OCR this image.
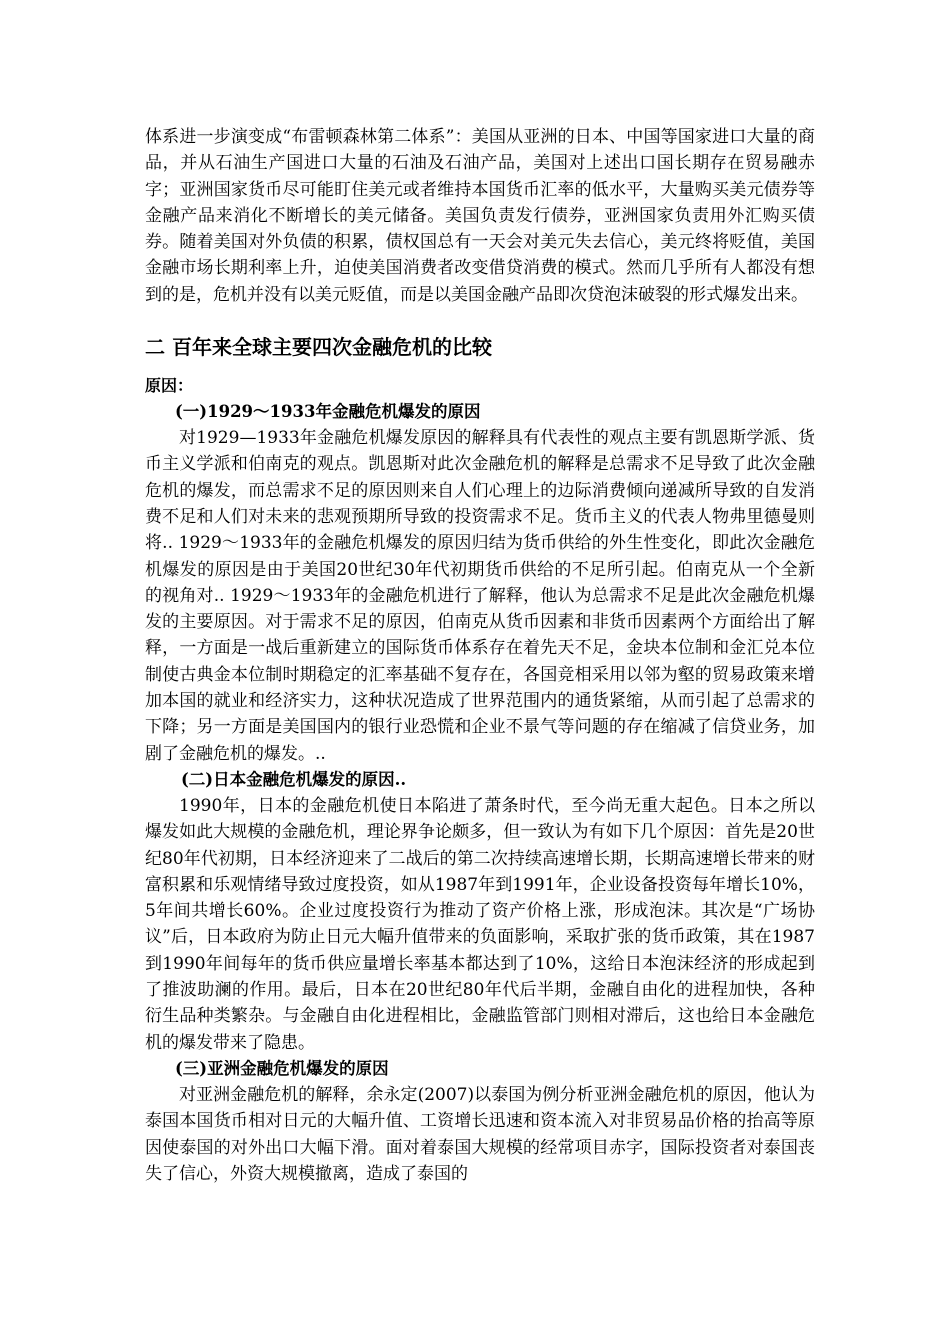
体系进一步演变成“布雷顿森林第二体系”：美国从亚洲的日本、中国等国家进口大量的商品，并从石油生产国进口大量的石油及石油产品，美国对上述出口国长期存在贸易融赤字；亚洲国家货币尽可能盯住美元或者维持本国货币汇率的低水平，大量购买美元债券等金融产品来消化不断增长的美元储备。美国负责发行债券，亚洲国家负责用外汇购买债券。随着美国对外负债的积累，债权国总有一天会对美元失去信心，美元终将贬值，美国金融市场长期利率上升，迫使美国消费者改变借贷消费的模式。然而几乎所有人都没有想到的是，危机并没有以美元贬值，而是以美国金融产品即次贷泡沫破裂的形式爆发出来。

二 百年来全球主要四次金融危机的比较
原因：
(一)1929～1933年金融危机爆发的原因

对1929—1933年金融危机爆发原因的解释具有代表性的观点主要有凯恩斯学派、货币主义学派和伯南克的观点。凯恩斯对此次金融危机的解释是总需求不足导致了此次金融危机的爆发，而总需求不足的原因则来自人们心理上的边际消费倾向递减所导致的自发消费不足和人们对未来的悲观预期所导致的投资需求不足。货币主义的代表人物弗里德曼则将.. 1929～1933年的金融危机爆发的原因归结为货币供给的外生性变化，即此次金融危机爆发的原因是由于美国20世纪30年代初期货币供给的不足所引起。伯南克从一个全新的视角对.. 1929～1933年的金融危机进行了解释，他认为总需求不足是此次金融危机爆发的主要原因。对于需求不足的原因，伯南克从货币因素和非货币因素两个方面给出了解释，一方面是一战后重新建立的国际货币体系存在着先天不足，金块本位制和金汇兑本位制使古典金本位制时期稳定的汇率基础不复存在，各国竞相采用以邻为壑的贸易政策来增加本国的就业和经济实力，这种状况造成了世界范围内的通货紧缩，从而引起了总需求的下降；另一方面是美国国内的银行业恐慌和企业不景气等问题的存在缩减了信贷业务，加剧了金融危机的爆发。..

(二)日本金融危机爆发的原因..

1990年，日本的金融危机使日本陷进了萧条时代，至今尚无重大起色。日本之所以爆发如此大规模的金融危机，理论界争论颇多，但一致认为有如下几个原因：首先是20世纪80年代初期，日本经济迎来了二战后的第二次持续高速增长期，长期高速增长带来的财富积累和乐观情绪导致过度投资，如从1987年到1991年，企业设备投资每年增长10%，5年间共增长60%。企业过度投资行为推动了资产价格上涨，形成泡沫。其次是“广场协议”后，日本政府为防止日元大幅升值带来的负面影响，采取扩张的货币政策，其在1987到1990年间每年的货币供应量增长率基本都达到了10%，这给日本泡沫经济的形成起到了推波助澜的作用。最后，日本在20世纪80年代后半期，金融自由化的进程加快，各种衍生品种类繁杂。与金融自由化进程相比，金融监管部门则相对滞后，这也给日本金融危机的爆发带来了隐患。

(三)亚洲金融危机爆发的原因

对亚洲金融危机的解释，余永定(2007)以泰国为例分析亚洲金融危机的原因，他认为泰国本国货币相对日元的大幅升值、工资增长迅速和资本流入对非贸易品价格的抬高等原因使泰国的对外出口大幅下滑。面对着泰国大规模的经常项目赤字，国际投资者对泰国丧失了信心，外资大规模撤离，造成了泰国的
